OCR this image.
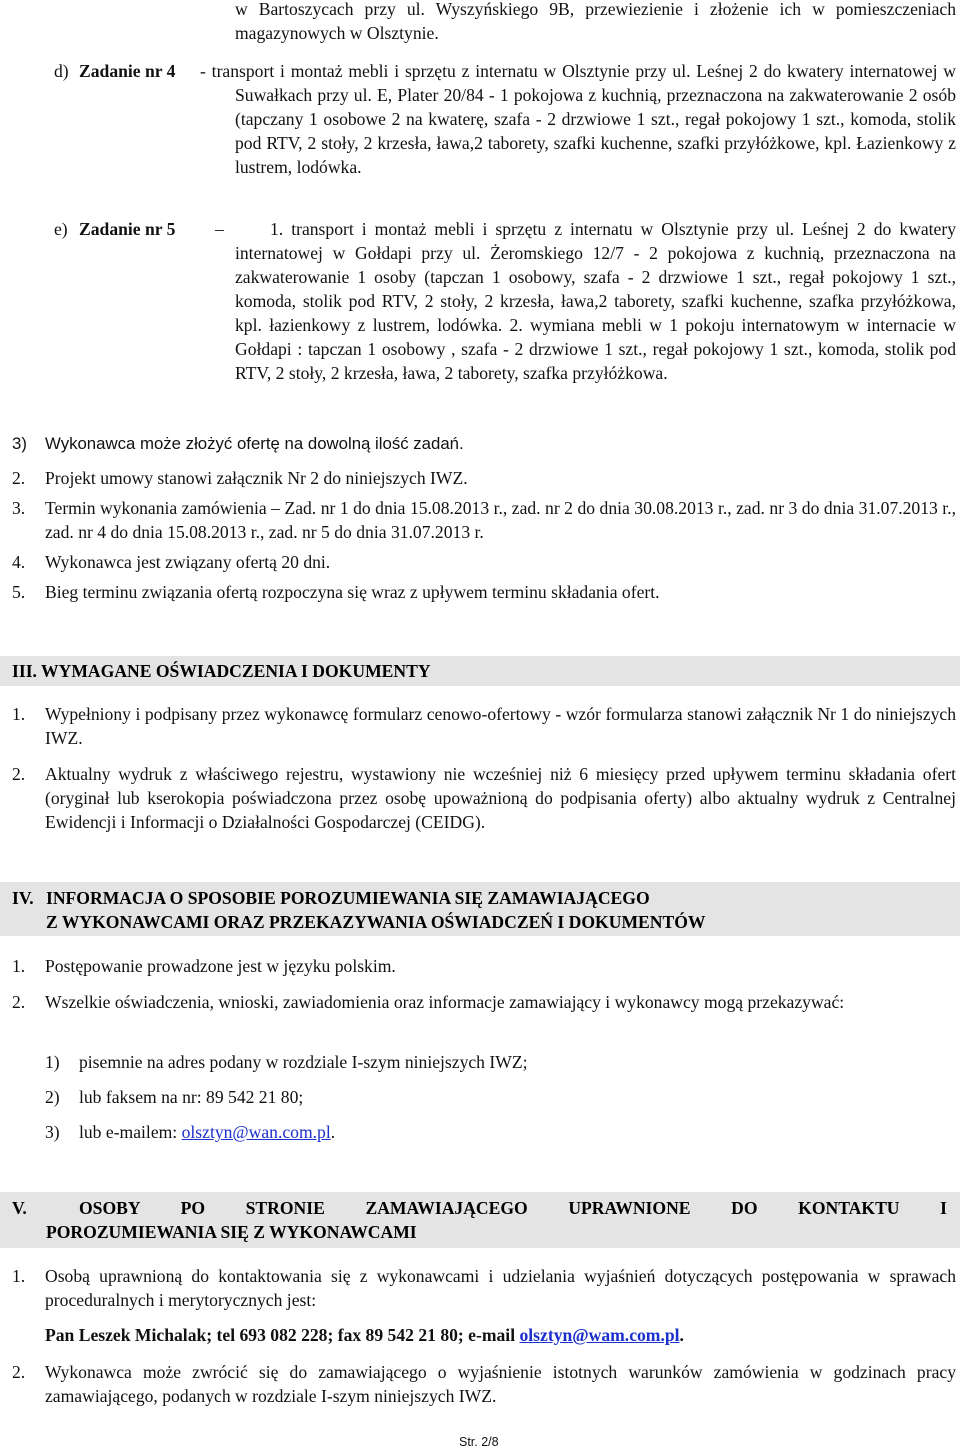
w Bartoszycach przy ul. Wyszyńskiego 9B, przewiezienie i złożenie ich w pomieszczeniach magazynowych w Olsztynie.
d) Zadanie nr 4 - transport i montaż mebli i sprzętu z internatu w Olsztynie przy ul. Leśnej 2 do kwatery internatowej w Suwałkach przy ul. E, Plater 20/84 - 1 pokojowa z kuchnią, przeznaczona na zakwaterowanie 2 osób (tapczany 1 osobowe 2 na kwaterę, szafa - 2 drzwiowe 1 szt., regał pokojowy 1 szt., komoda, stolik pod RTV, 2 stoły, 2 krzesła, ława,2 taborety, szafki kuchenne, szafki przyłóżkowe, kpl. Łazienkowy z lustrem, lodówka.
e) Zadanie nr 5 –	1. transport i montaż mebli i sprzętu z internatu w Olsztynie przy ul. Leśnej 2 do kwatery internatowej w Gołdapi przy ul. Żeromskiego 12/7 - 2 pokojowa z kuchnią, przeznaczona na zakwaterowanie 1 osoby (tapczan 1 osobowy, szafa - 2 drzwiowe 1 szt., regał pokojowy 1 szt., komoda, stolik pod RTV, 2 stoły, 2 krzesła, ława,2 taborety, szafki kuchenne, szafka przyłóżkowa, kpl. łazienkowy z lustrem, lodówka. 2. wymiana mebli w 1 pokoju internatowym w internacie w Gołdapi : tapczan 1 osobowy , szafa - 2 drzwiowe 1 szt., regał pokojowy 1 szt., komoda, stolik pod RTV, 2 stoły, 2 krzesła, ława, 2 taborety, szafka przyłóżkowa.
3) Wykonawca może złożyć ofertę na dowolną ilość zadań.
2. Projekt umowy stanowi załącznik Nr 2 do niniejszych IWZ.
3. Termin wykonania zamówienia – Zad. nr 1 do dnia 15.08.2013 r., zad. nr 2 do dnia 30.08.2013 r., zad. nr 3 do dnia 31.07.2013 r., zad. nr 4 do dnia 15.08.2013 r., zad. nr 5 do dnia 31.07.2013 r.
4. Wykonawca jest związany ofertą 20 dni.
5. Bieg terminu związania ofertą rozpoczyna się wraz z upływem terminu składania ofert.
III. WYMAGANE OŚWIADCZENIA I DOKUMENTY
1. Wypełniony i podpisany przez wykonawcę formularz cenowo-ofertowy - wzór formularza stanowi załącznik Nr 1 do niniejszych IWZ.
2. Aktualny wydruk z właściwego rejestru, wystawiony nie wcześniej niż 6 miesięcy przed upływem terminu składania ofert (oryginał lub kserokopia poświadczona przez osobę upoważnioną do podpisania oferty) albo aktualny wydruk z Centralnej Ewidencji i Informacji o Działalności Gospodarczej (CEIDG).
IV. INFORMACJA O SPOSOBIE POROZUMIEWANIA SIĘ ZAMAWIAJĄCEGO
Z WYKONAWCAMI ORAZ PRZEKAZYWANIA OŚWIADCZEŃ I DOKUMENTÓW
1. Postępowanie prowadzone jest w języku polskim.
2. Wszelkie oświadczenia, wnioski, zawiadomienia oraz informacje zamawiający i wykonawcy mogą przekazywać:
1) pisemnie na adres podany w rozdziale I-szym niniejszych IWZ;
2) lub faksem na nr: 89 542 21 80;
3) lub e-mailem: olsztyn@wan.com.pl.
V.	OSOBY PO STRONIE ZAMAWIAJĄCEGO UPRAWNIONE DO KONTAKTU I
POROZUMIEWANIA SIĘ Z WYKONAWCAMI
1. Osobą uprawnioną do kontaktowania się z wykonawcami i udzielania wyjaśnień dotyczących postępowania w sprawach proceduralnych i merytorycznych jest:
Pan Leszek Michalak; tel 693 082 228; fax 89 542 21 80; e-mail olsztyn@wam.com.pl.
2. Wykonawca może zwrócić się do zamawiającego o wyjaśnienie istotnych warunków zamówienia w godzinach pracy zamawiającego, podanych w rozdziale I-szym niniejszych IWZ.
Str. 2/8
